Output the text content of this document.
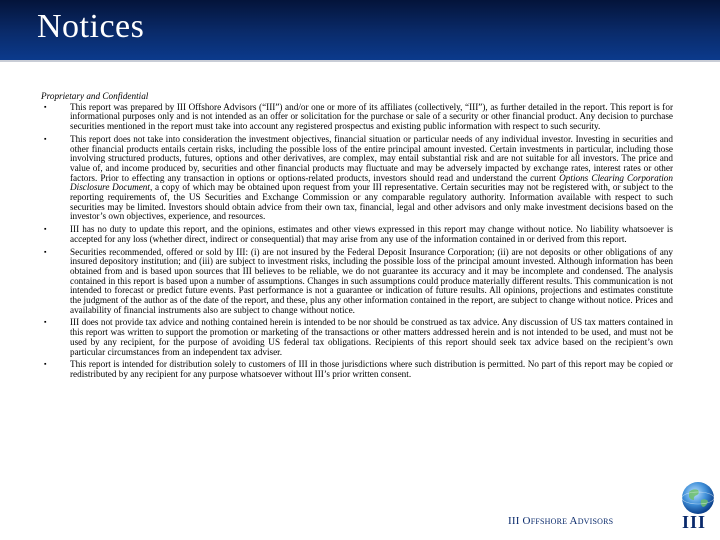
Notices
Proprietary and Confidential
▪	This report was prepared by III Offshore Advisors (“III”) and/or one or more of its affiliates (collectively, “III”), as further detailed in the report. This report is for informational purposes only and is not intended as an offer or solicitation for the purchase or sale of a security or other financial product. Any decision to purchase securities mentioned in the report must take into account any registered prospectus and existing public information with respect to such security.
▪	This report does not take into consideration the investment objectives, financial situation or particular needs of any individual investor. Investing in securities and other financial products entails certain risks, including the possible loss of the entire principal amount invested. Certain investments in particular, including those involving structured products, futures, options and other derivatives, are complex, may entail substantial risk and are not suitable for all investors. The price and value of, and income produced by, securities and other financial products may fluctuate and may be adversely impacted by exchange rates, interest rates or other factors. Prior to effecting any transaction in options or options-related products, investors should read and understand the current Options Clearing Corporation Disclosure Document, a copy of which may be obtained upon request from your III representative. Certain securities may not be registered with, or subject to the reporting requirements of, the US Securities and Exchange Commission or any comparable regulatory authority. Information available with respect to such securities may be limited. Investors should obtain advice from their own tax, financial, legal and other advisors and only make investment decisions based on the investor’s own objectives, experience, and resources.
▪	III has no duty to update this report, and the opinions, estimates and other views expressed in this report may change without notice. No liability whatsoever is accepted for any loss (whether direct, indirect or consequential) that may arise from any use of the information contained in or derived from this report.
▪	Securities recommended, offered or sold by III: (i) are not insured by the Federal Deposit Insurance Corporation; (ii) are not deposits or other obligations of any insured depository institution; and (iii) are subject to investment risks, including the possible loss of the principal amount invested. Although information has been obtained from and is based upon sources that III believes to be reliable, we do not guarantee its accuracy and it may be incomplete and condensed. The analysis contained in this report is based upon a number of assumptions. Changes in such assumptions could produce materially different results. This communication is not intended to forecast or predict future events. Past performance is not a guarantee or indication of future results. All opinions, projections and estimates constitute the judgment of the author as of the date of the report, and these, plus any other information contained in the report, are subject to change without notice. Prices and availability of financial instruments also are subject to change without notice.
▪	III does not provide tax advice and nothing contained herein is intended to be nor should be construed as tax advice. Any discussion of US tax matters contained in this report was written to support the promotion or marketing of the transactions or other matters addressed herein and is not intended to be used, and must not be used by any recipient, for the purpose of avoiding US federal tax obligations. Recipients of this report should seek tax advice based on the recipient’s own particular circumstances from an independent tax adviser.
▪	This report is intended for distribution solely to customers of III in those jurisdictions where such distribution is permitted. No part of this report may be copied or redistributed by any recipient for any purpose whatsoever without III’s prior written consent.
III Offshore Advisors	III
